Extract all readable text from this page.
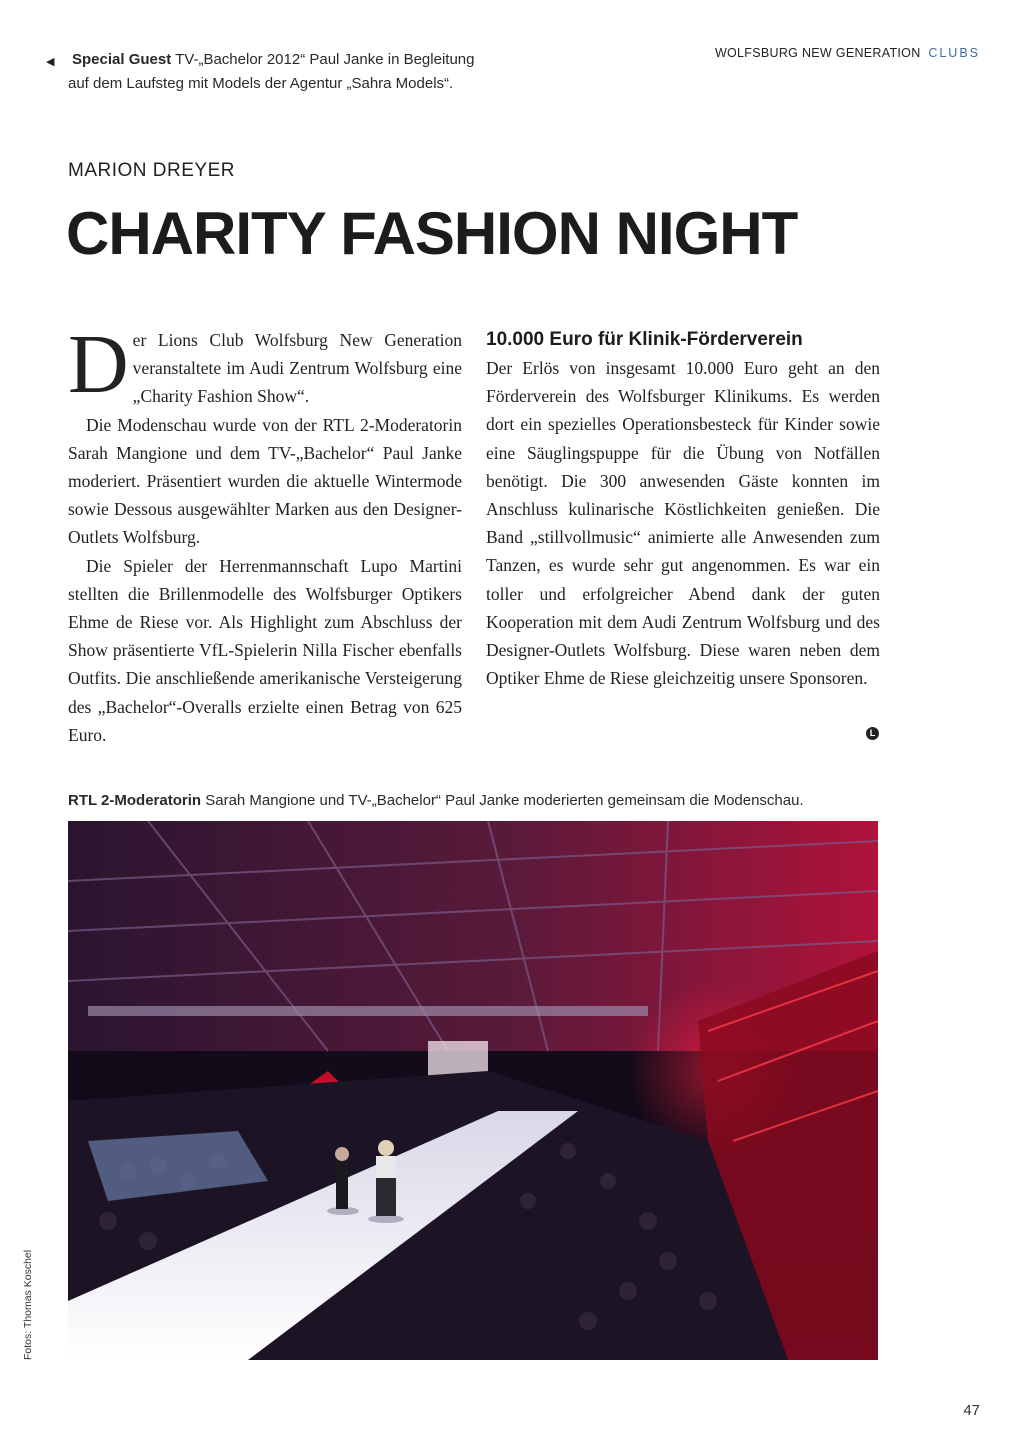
◀ Special Guest TV-„Bachelor 2012“ Paul Janke in Begleitung auf dem Laufsteg mit Models der Agentur „Sahra Models“.
WOLFSBURG NEW GENERATION CLUBS
MARION DREYER
CHARITY FASHION NIGHT

Der Lions Club Wolfsburg New Generation veranstaltete im Audi Zentrum Wolfsburg eine „Charity Fashion Show“.

Die Modenschau wurde von der RTL 2-Moderatorin Sarah Mangione und dem TV-„Bachelor“ Paul Janke moderiert. Präsentiert wurden die aktuelle Wintermode sowie Dessous ausgewählter Marken aus den Designer-Outlets Wolfsburg.

Die Spieler der Herrenmannschaft Lupo Martini stellten die Brillenmodelle des Wolfsburger Optikers Ehme de Riese vor. Als Highlight zum Abschluss der Show präsentierte VfL-Spielerin Nilla Fischer ebenfalls Outfits. Die anschließende amerikanische Versteigerung des „Bachelor“-Overalls erzielte einen Betrag von 625 Euro.

10.000 Euro für Klinik-Förderverein

Der Erlös von insgesamt 10.000 Euro geht an den Förderverein des Wolfsburger Klinikums. Es werden dort ein spezielles Operationsbesteck für Kinder sowie eine Säuglingspuppe für die Übung von Notfällen benötigt. Die 300 anwesenden Gäste konnten im Anschluss kulinarische Köstlichkeiten genießen. Die Band „stillvollmusic“ animierte alle Anwesenden zum Tanzen, es wurde sehr gut angenommen. Es war ein toller und erfolgreicher Abend dank der guten Kooperation mit dem Audi Zentrum Wolfsburg und des Designer-Outlets Wolfsburg. Diese waren neben dem Optiker Ehme de Riese gleichzeitig unsere Sponsoren.

L
RTL 2-Moderatorin Sarah Mangione und TV-„Bachelor“ Paul Janke moderierten gemeinsam die Modenschau.
Fotos: Thomas Koschel
47
